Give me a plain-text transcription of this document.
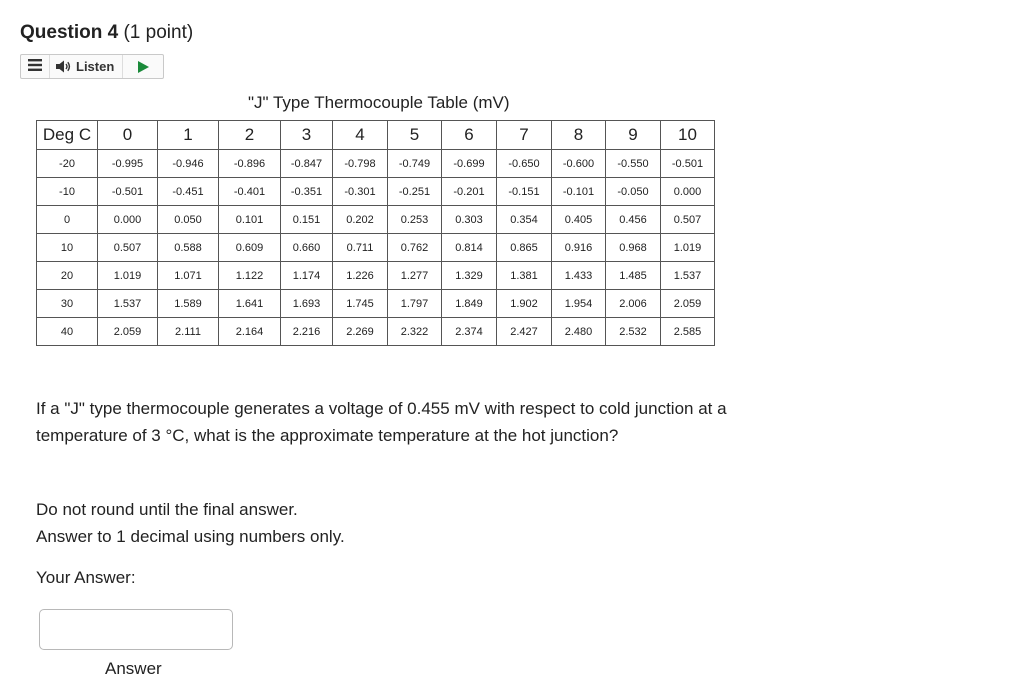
Question 4 (1 point)
Listen
"J" Type Thermocouple Table (mV)
Deg C	0	1	2	3	4	5	6	7	8	9	10
-20	-0.995	-0.946	-0.896	-0.847	-0.798	-0.749	-0.699	-0.650	-0.600	-0.550	-0.501
-10	-0.501	-0.451	-0.401	-0.351	-0.301	-0.251	-0.201	-0.151	-0.101	-0.050	0.000
0	0.000	0.050	0.101	0.151	0.202	0.253	0.303	0.354	0.405	0.456	0.507
10	0.507	0.588	0.609	0.660	0.711	0.762	0.814	0.865	0.916	0.968	1.019
20	1.019	1.071	1.122	1.174	1.226	1.277	1.329	1.381	1.433	1.485	1.537
30	1.537	1.589	1.641	1.693	1.745	1.797	1.849	1.902	1.954	2.006	2.059
40	2.059	2.111	2.164	2.216	2.269	2.322	2.374	2.427	2.480	2.532	2.585
If a "J" type thermocouple generates a voltage of 0.455 mV with respect to cold junction at a temperature of 3 °C, what is the approximate temperature at the hot junction?
Do not round until the final answer.
Answer to 1 decimal using numbers only.
Your Answer:
Answer
